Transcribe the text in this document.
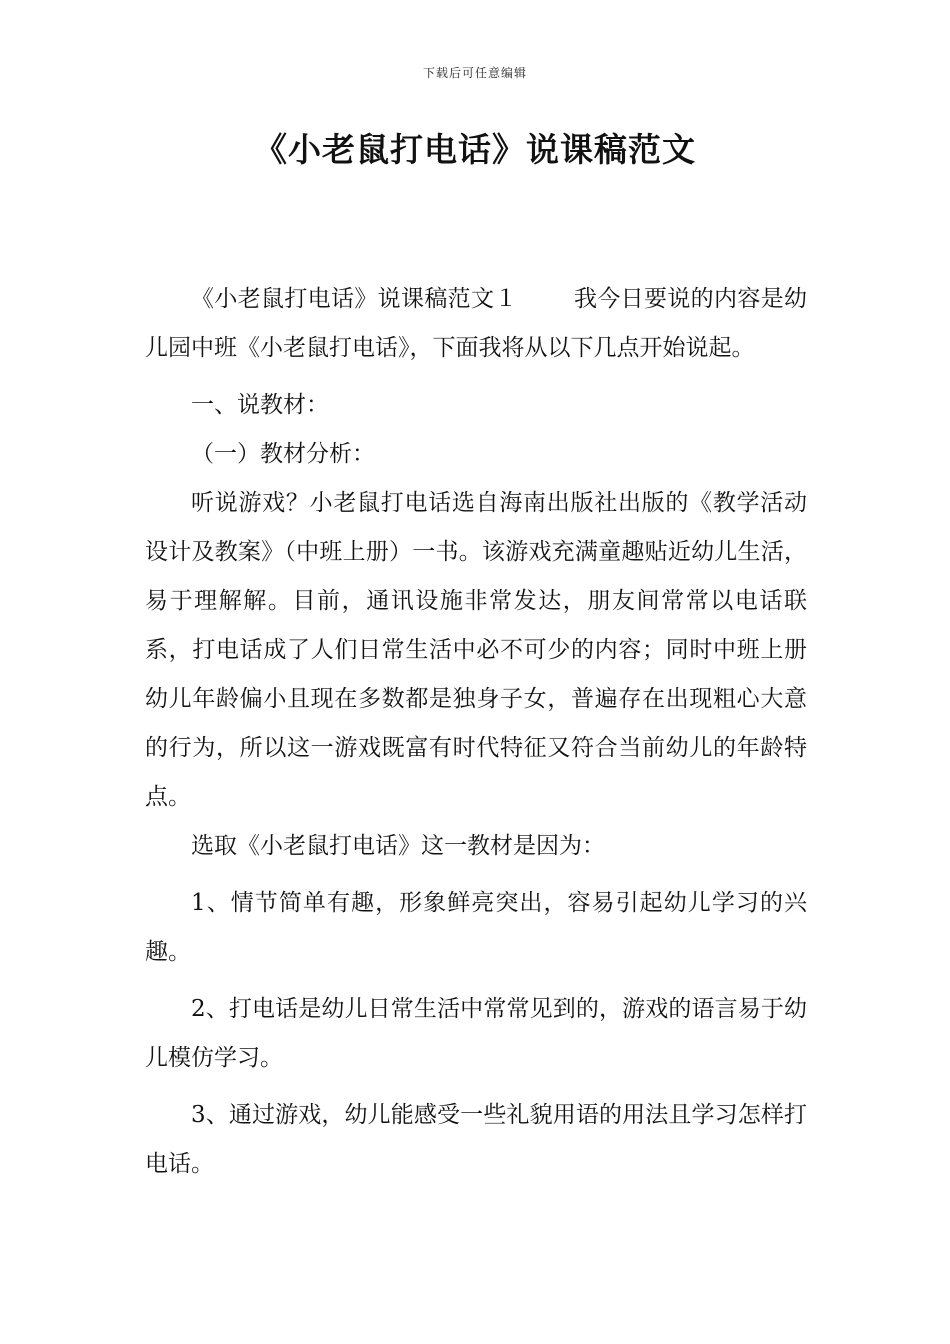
下载后可任意编辑
《小老鼠打电话》说课稿范文

《小老鼠打电话》说课稿范文１ 我今日要说的内容是幼儿园中班《小老鼠打电话》，下面我将从以下几点开始说起。

一、说教材：

（一）教材分析：

听说游戏？小老鼠打电话选自海南出版社出版的《教学活动设计及教案》（中班上册）一书。该游戏充满童趣贴近幼儿生活，易于理解解。目前，通讯设施非常发达，朋友间常常以电话联系，打电话成了人们日常生活中必不可少的内容；同时中班上册幼儿年龄偏小且现在多数都是独身子女，普遍存在出现粗心大意的行为，所以这一游戏既富有时代特征又符合当前幼儿的年龄特点。

选取《小老鼠打电话》这一教材是因为：

1、情节简单有趣，形象鲜亮突出，容易引起幼儿学习的兴趣。

2、打电话是幼儿日常生活中常常见到的，游戏的语言易于幼儿模仿学习。

3、通过游戏，幼儿能感受一些礼貌用语的用法且学习怎样打电话。
